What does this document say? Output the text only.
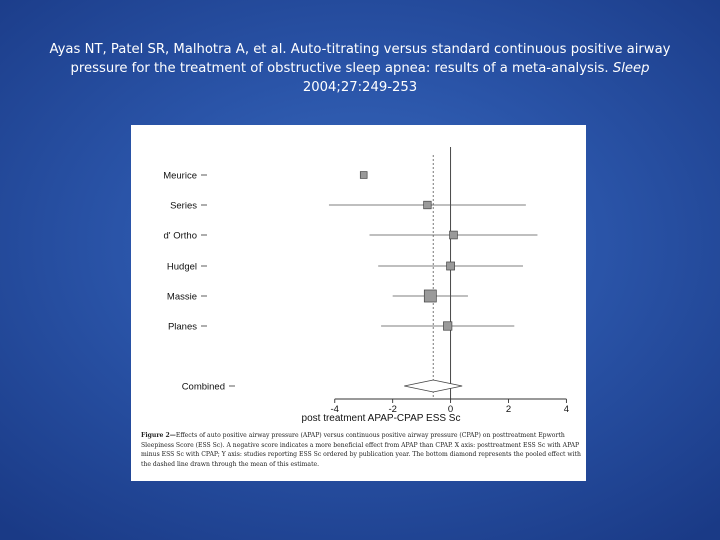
Ayas NT, Patel SR, Malhotra A, et al. Auto-titrating versus standard continuous positive airway pressure for the treatment of obstructive sleep apnea: results of a meta-analysis. Sleep
2004;27:249-253
Meurice
Series
d' Ortho
Hudgel
Massie
Planes
Combined
-4	-2	0	2	4
post treatment APAP-CPAP ESS Sc
Figure 2—Effects of auto positive airway pressure (APAP) versus continuous positive airway pressure (CPAP) on posttreatment Epworth Sleepiness Score (ESS Sc). A negative score indicates a more beneficial effect from APAP than CPAP. X axis: posttreatment ESS Sc with APAP minus ESS Sc with CPAP; Y axis: studies reporting ESS Sc ordered by publication year. The bottom diamond represents the pooled effect with the dashed line drawn through the mean of this estimate.
